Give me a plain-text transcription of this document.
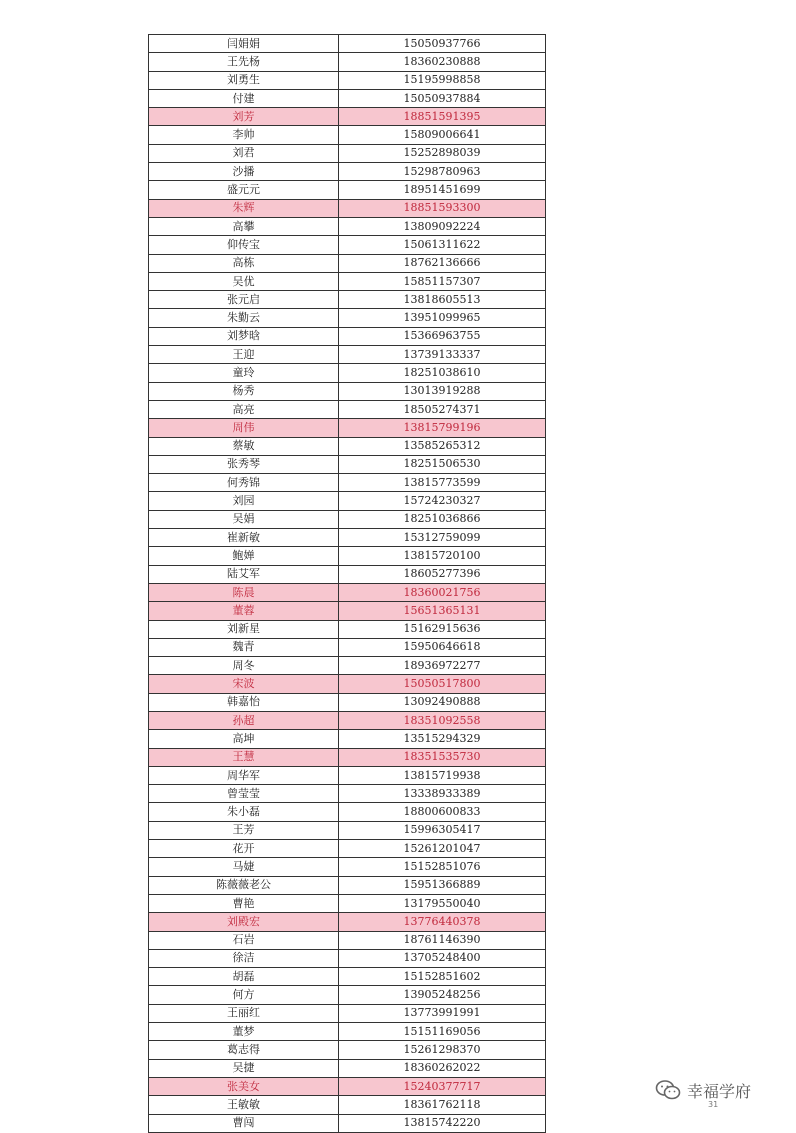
闫娟娟	15050937766
王先杨	18360230888
刘勇生	15195998858
付建	15050937884
刘芳	18851591395
李帅	15809006641
刘君	15252898039
沙播	15298780963
盛元元	18951451699
朱辉	18851593300
高攀	13809092224
仰传宝	15061311622
高栋	18762136666
吴优	15851157307
张元启	13818605513
朱勤云	13951099965
刘梦晗	15366963755
王迎	13739133337
童玲	18251038610
杨秀	13013919288
高亮	18505274371
周伟	13815799196
蔡敏	13585265312
张秀琴	18251506530
何秀锦	13815773599
刘园	15724230327
吴娟	18251036866
崔新敏	15312759099
鲍婵	13815720100
陆艾军	18605277396
陈晨	18360021756
董蓉	15651365131
刘新星	15162915636
魏青	15950646618
周冬	18936972277
宋波	15050517800
韩嘉怡	13092490888
孙超	18351092558
高坤	13515294329
王慧	18351535730
周华军	13815719938
曾莹莹	13338933389
朱小磊	18800600833
王芳	15996305417
花开	15261201047
马婕	15152851076
陈薇薇老公	15951366889
曹艳	13179550040
刘殿宏	13776440378
石岩	18761146390
徐洁	13705248400
胡磊	15152851602
何方	13905248256
王丽红	13773991991
董梦	15151169056
葛志得	15261298370
吴捷	18360262022
张美女	15240377717
王敏敏	18361762118
曹闯	13815742220
幸福学府
31
